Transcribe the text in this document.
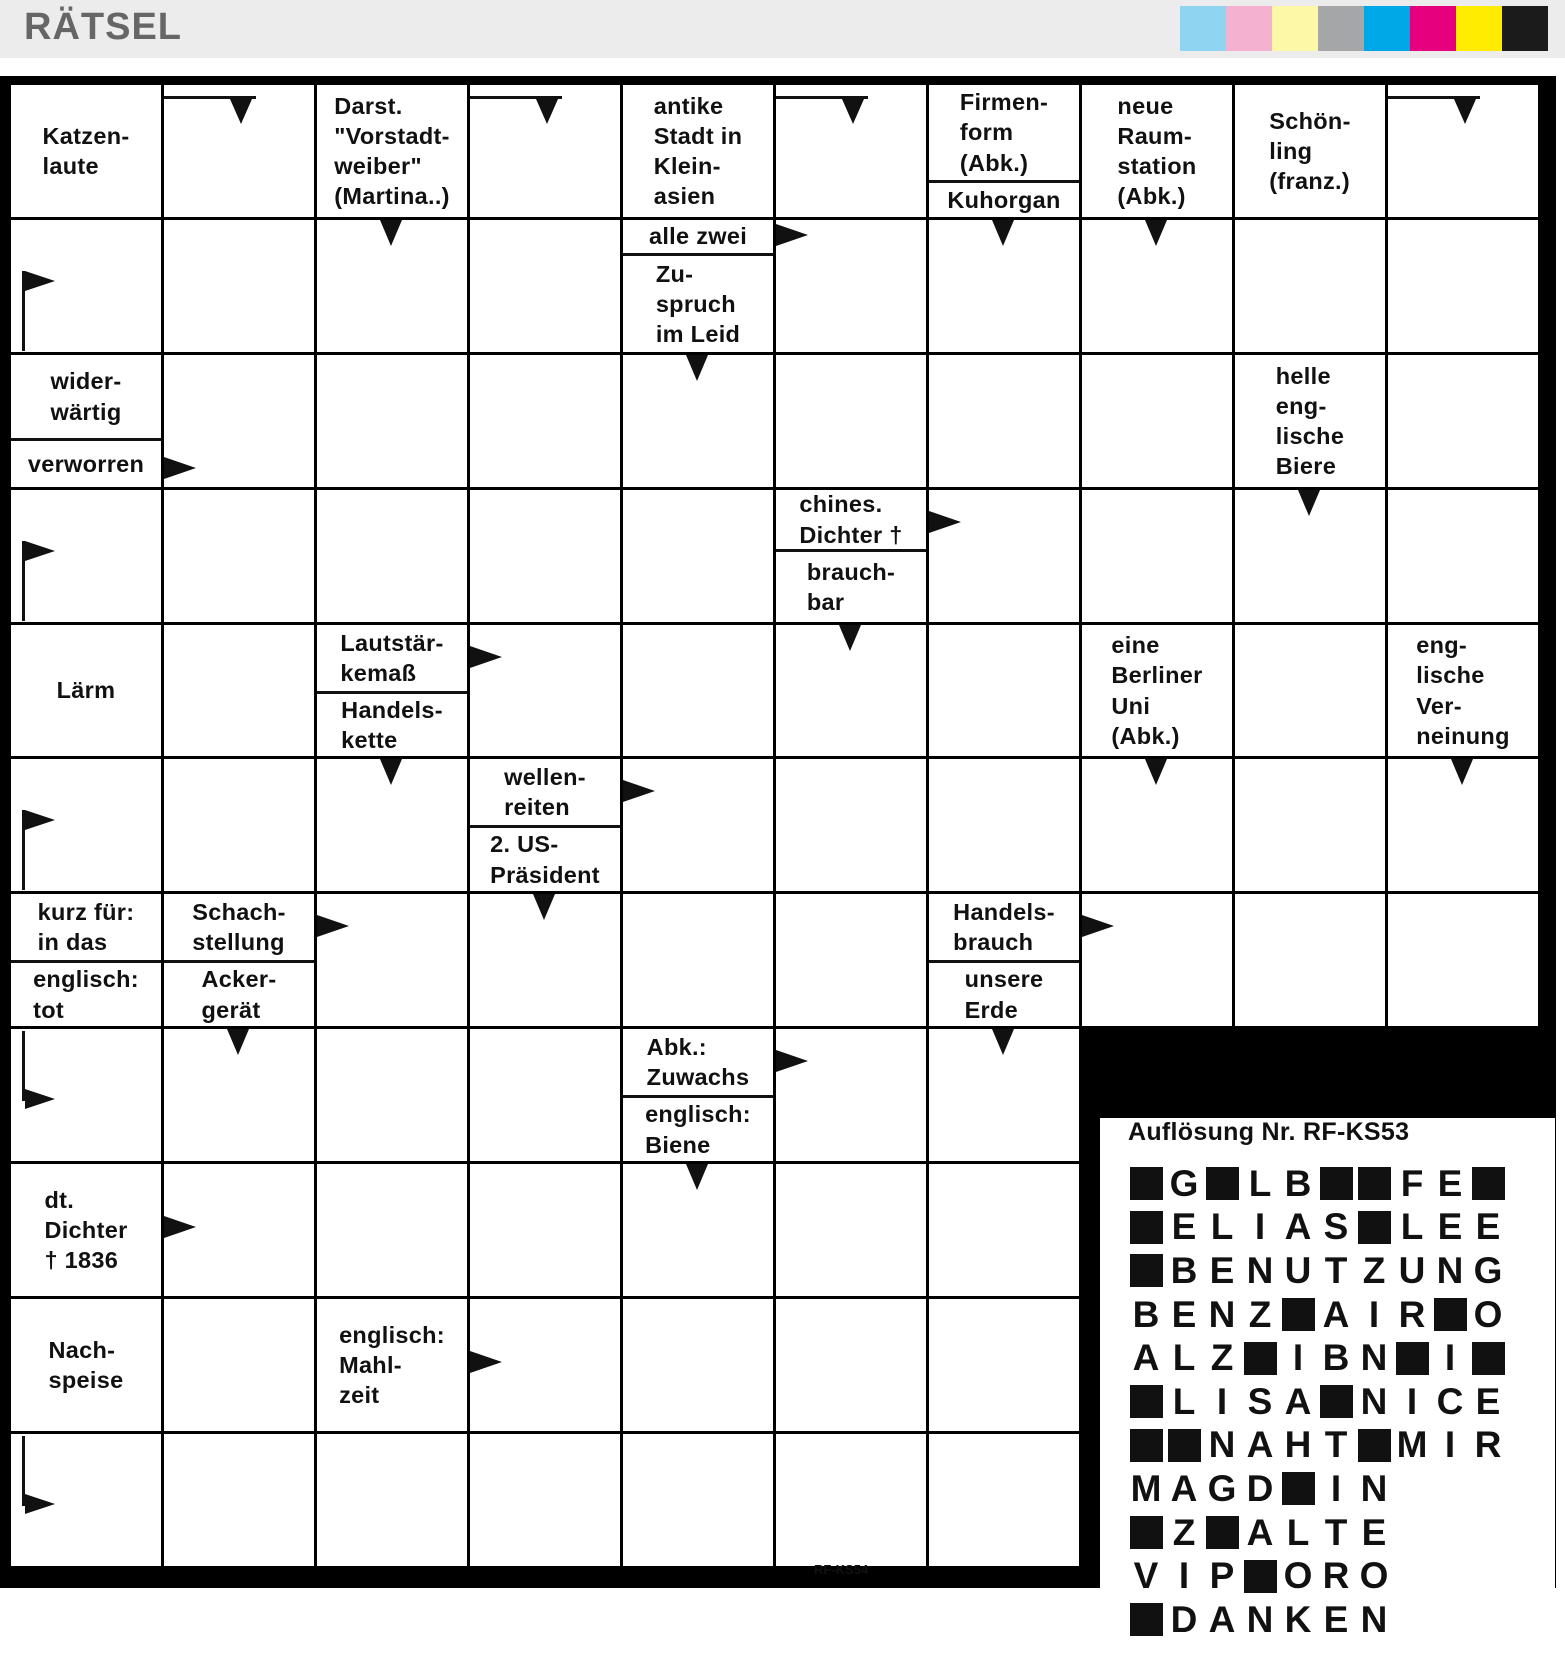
RÄTSEL
Katzen-
laute
Darst.
"Vorstadt-
weiber"
(Martina..)
antike
Stadt in
Klein-
asien
Firmen-
form
(Abk.)
Kuhorgan
neue
Raum-
station
(Abk.)
Schön-
ling
(franz.)
alle zwei
Zu-
spruch
im Leid
wider-
wärtig
verworren
helle
eng-
lische
Biere
chines.
Dichter †
brauch-
bar
Lärm
Lautstär-
kemaß
Handels-
kette
eine
Berliner
Uni
(Abk.)
eng-
lische
Ver-
neinung
wellen-
reiten
2. US-
Präsident
kurz für:
in das
englisch:
tot
Schach-
stellung
Acker-
gerät
Handels-
brauch
unsere
Erde
Abk.:
Zuwachs
englisch:
Biene
dt.
Dichter
† 1836
Nach-
speise
englisch:
Mahl-
zeit
Auflösung Nr. RF-KS53
G L B F E
E L I A S L E E
B E N U T Z U N G
B E N Z A I R O
A L Z	I B N	I
L I S A N I C E
N A H T M I R
M A G D	I N
Z A L T E
V I P O R O
D A N K E N
RF-KS54
